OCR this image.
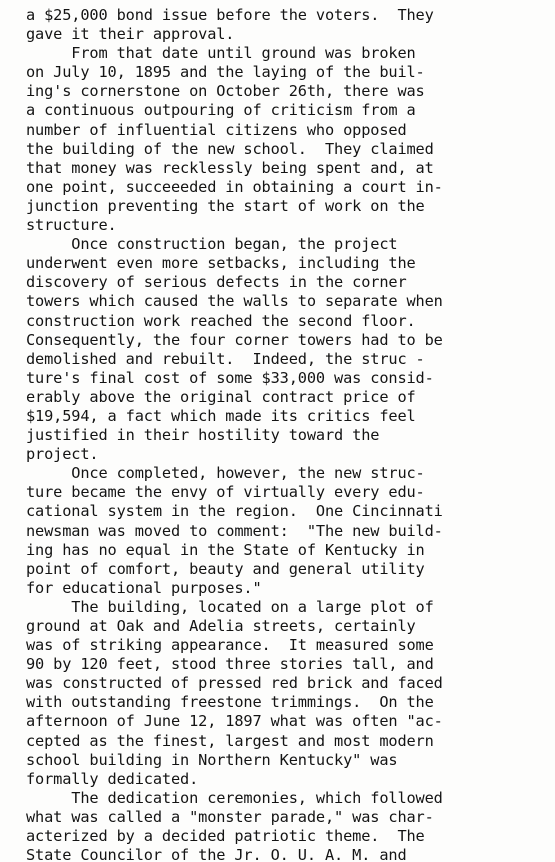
a $25,000 bond issue before the voters.  They
gave it their approval.
From that date until ground was broken
on July 10, 1895 and the laying of the buil-
ing's cornerstone on October 26th, there was
a continuous outpouring of criticism from a
number of influential citizens who opposed
the building of the new school.  They claimed
that money was recklessly being spent and, at
one point, succeeeded in obtaining a court in-
junction preventing the start of work on the
structure.
Once construction began, the project
underwent even more setbacks, including the
discovery of serious defects in the corner
towers which caused the walls to separate when
construction work reached the second floor.
Consequently, the four corner towers had to be
demolished and rebuilt.  Indeed, the struc -
ture's final cost of some $33,000 was consid-
erably above the original contract price of
$19,594, a fact which made its critics feel
justified in their hostility toward the
project.
Once completed, however, the new struc-
ture became the envy of virtually every edu-
cational system in the region.  One Cincinnati
newsman was moved to comment:  "The new build-
ing has no equal in the State of Kentucky in
point of comfort, beauty and general utility
for educational purposes."
The building, located on a large plot of
ground at Oak and Adelia streets, certainly
was of striking appearance.  It measured some
90 by 120 feet, stood three stories tall, and
was constructed of pressed red brick and faced
with outstanding freestone trimmings.  On the
afternoon of June 12, 1897 what was often "ac-
cepted as the finest, largest and most modern
school building in Northern Kentucky" was
formally dedicated.
The dedication ceremonies, which followed
what was called a "monster parade," was char-
acterized by a decided patriotic theme.  The
State Councilor of the Jr. O. U. A. M. and
